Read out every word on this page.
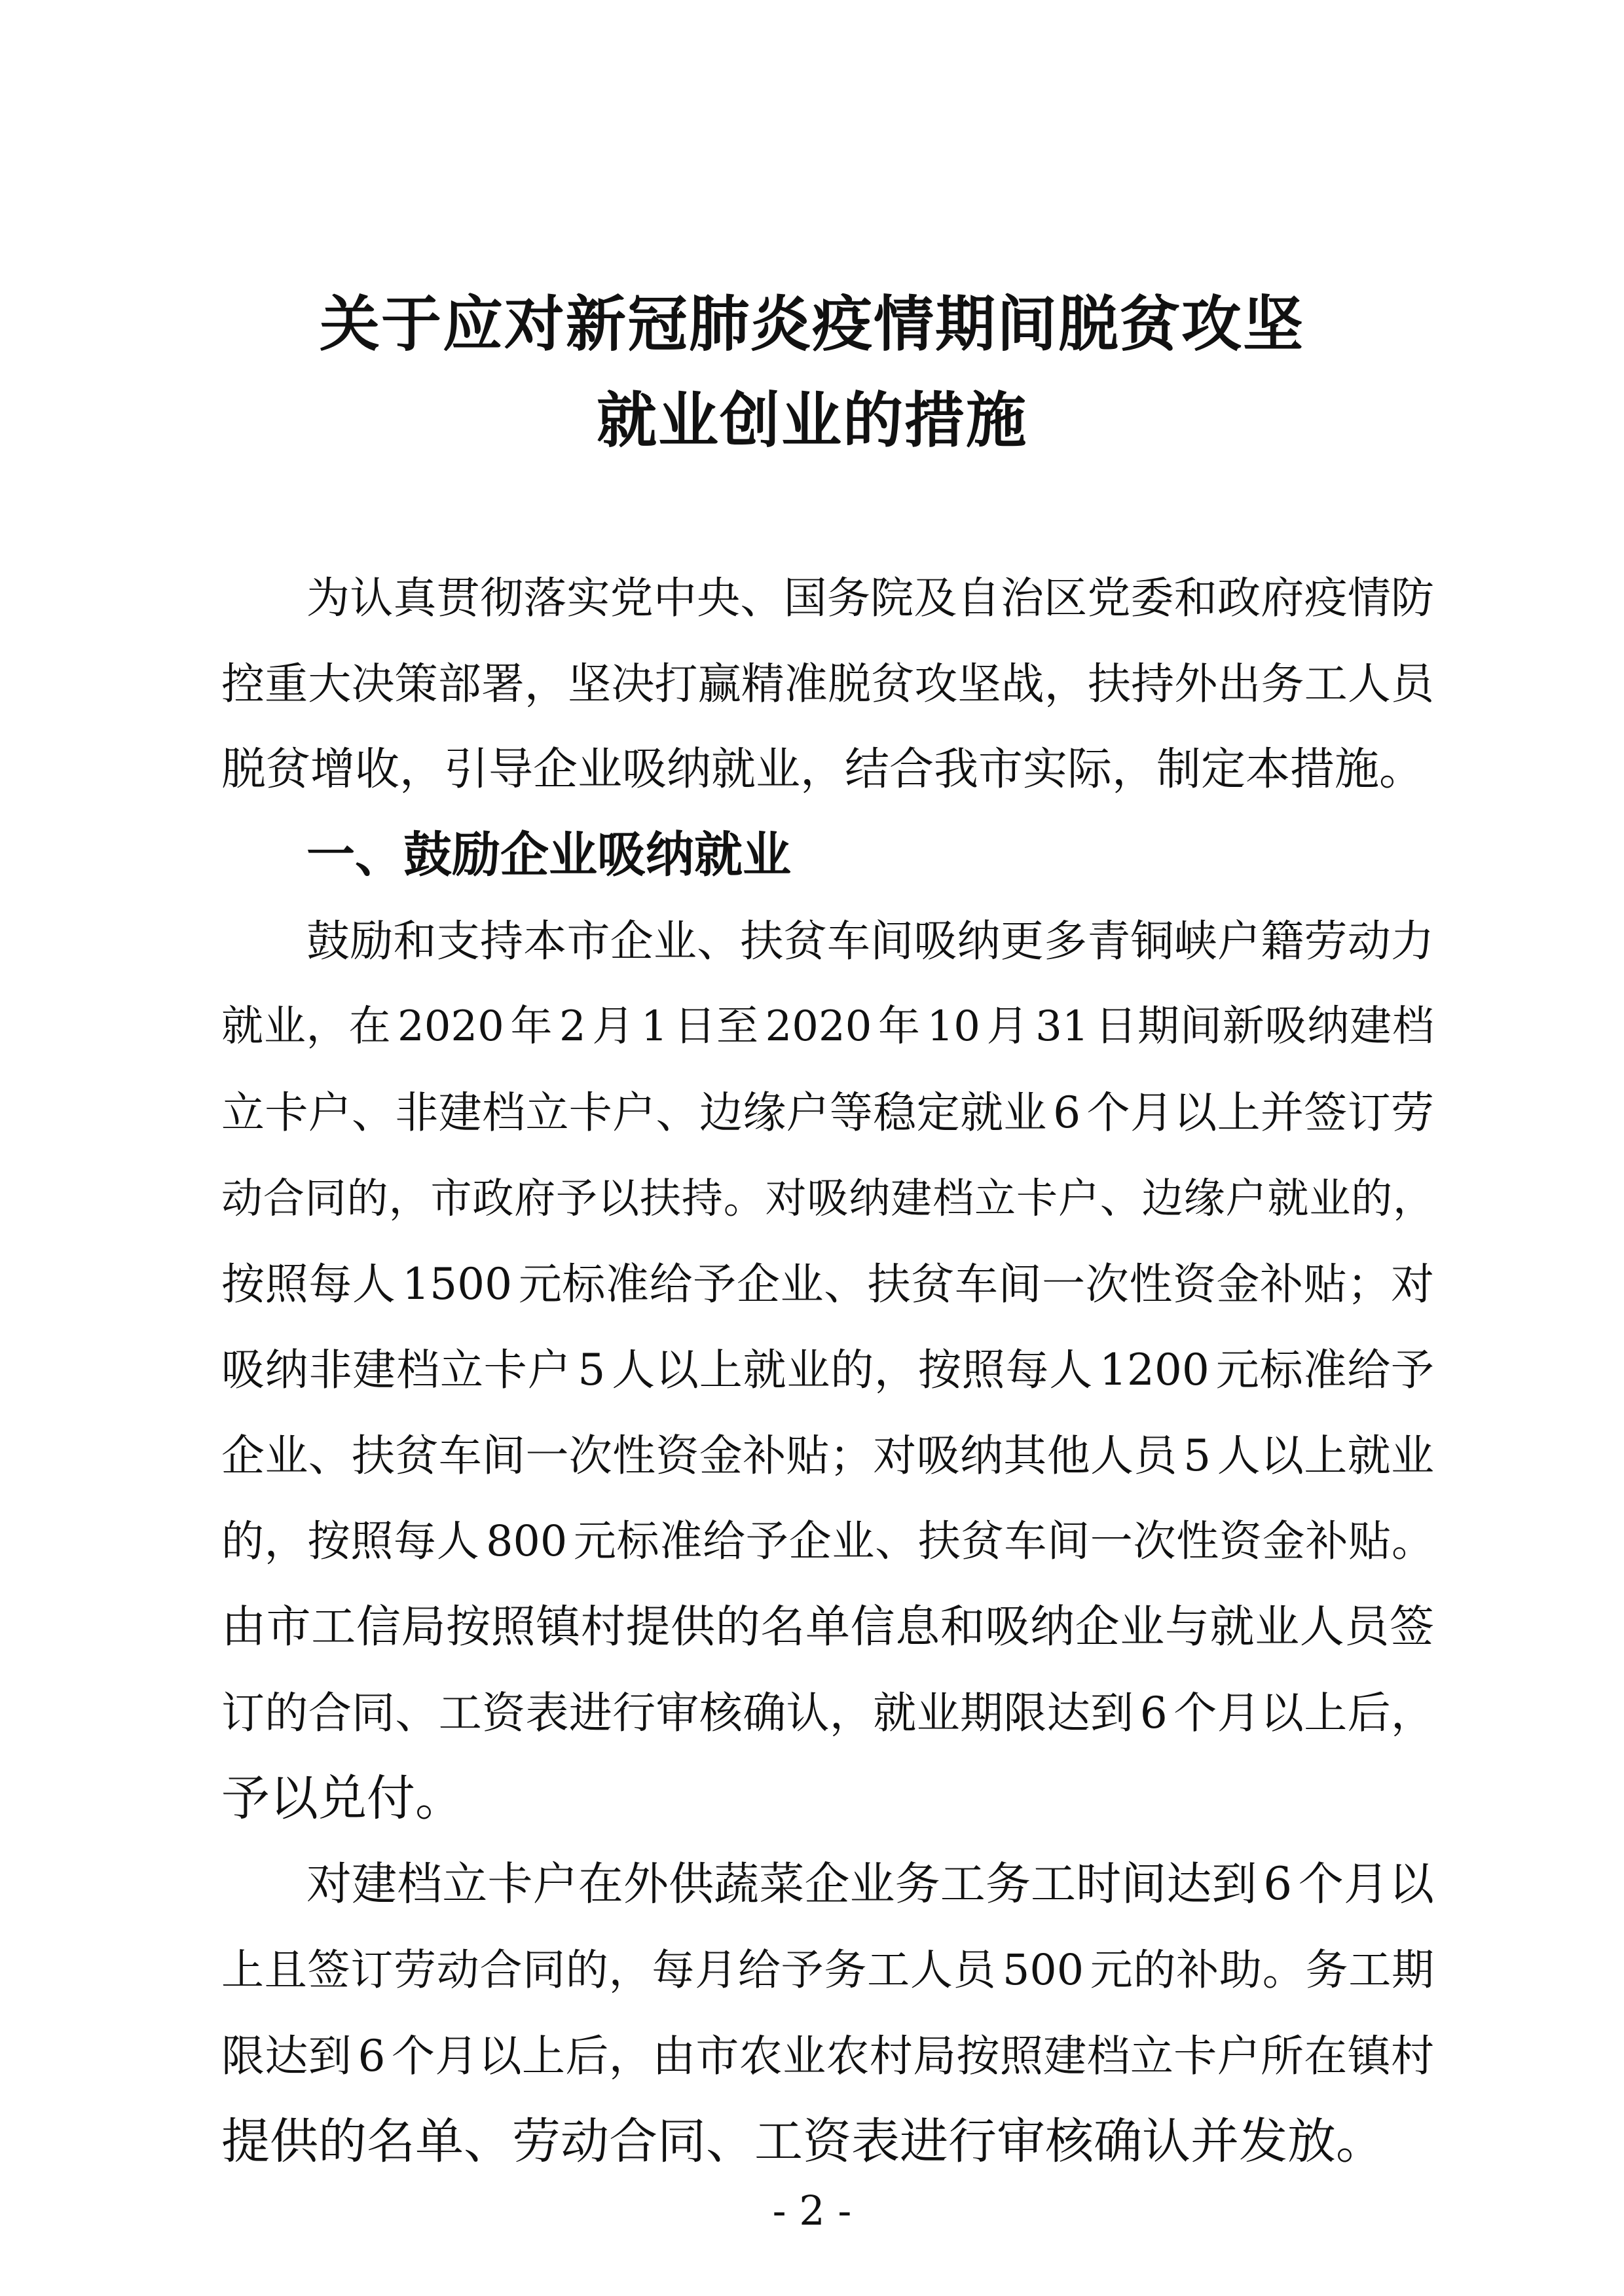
关于应对新冠肺炎疫情期间脱贫攻坚
就业创业的措施
为认真贯彻落实党中央、国务院及自治区党委和政府疫情防
控重大决策部署，坚决打赢精准脱贫攻坚战，扶持外出务工人员
脱贫增收，引导企业吸纳就业，结合我市实际，制定本措施。
一、鼓励企业吸纳就业
鼓励和支持本市企业、扶贫车间吸纳更多青铜峡户籍劳动力
就业，在 2020 年 2 月 1 日至 2020 年 10 月 31 日期间新吸纳建档
立卡户、非建档立卡户、边缘户等稳定就业 6 个月以上并签订劳
动合同的，市政府予以扶持。对吸纳建档立卡户、边缘户就业的，
按照每人 1500 元标准给予企业、扶贫车间一次性资金补贴；对
吸纳非建档立卡户 5 人以上就业的，按照每人 1200 元标准给予
企业、扶贫车间一次性资金补贴；对吸纳其他人员 5 人以上就业
的，按照每人 800 元标准给予企业、扶贫车间一次性资金补贴。
由市工信局按照镇村提供的名单信息和吸纳企业与就业人员签
订的合同、工资表进行审核确认，就业期限达到 6 个月以上后，
予以兑付。
对建档立卡户在外供蔬菜企业务工务工时间达到 6 个月以
上且签订劳动合同的，每月给予务工人员 500 元的补助。务工期
限达到 6 个月以上后，由市农业农村局按照建档立卡户所在镇村
提供的名单、劳动合同、工资表进行审核确认并发放。
- 2 -
